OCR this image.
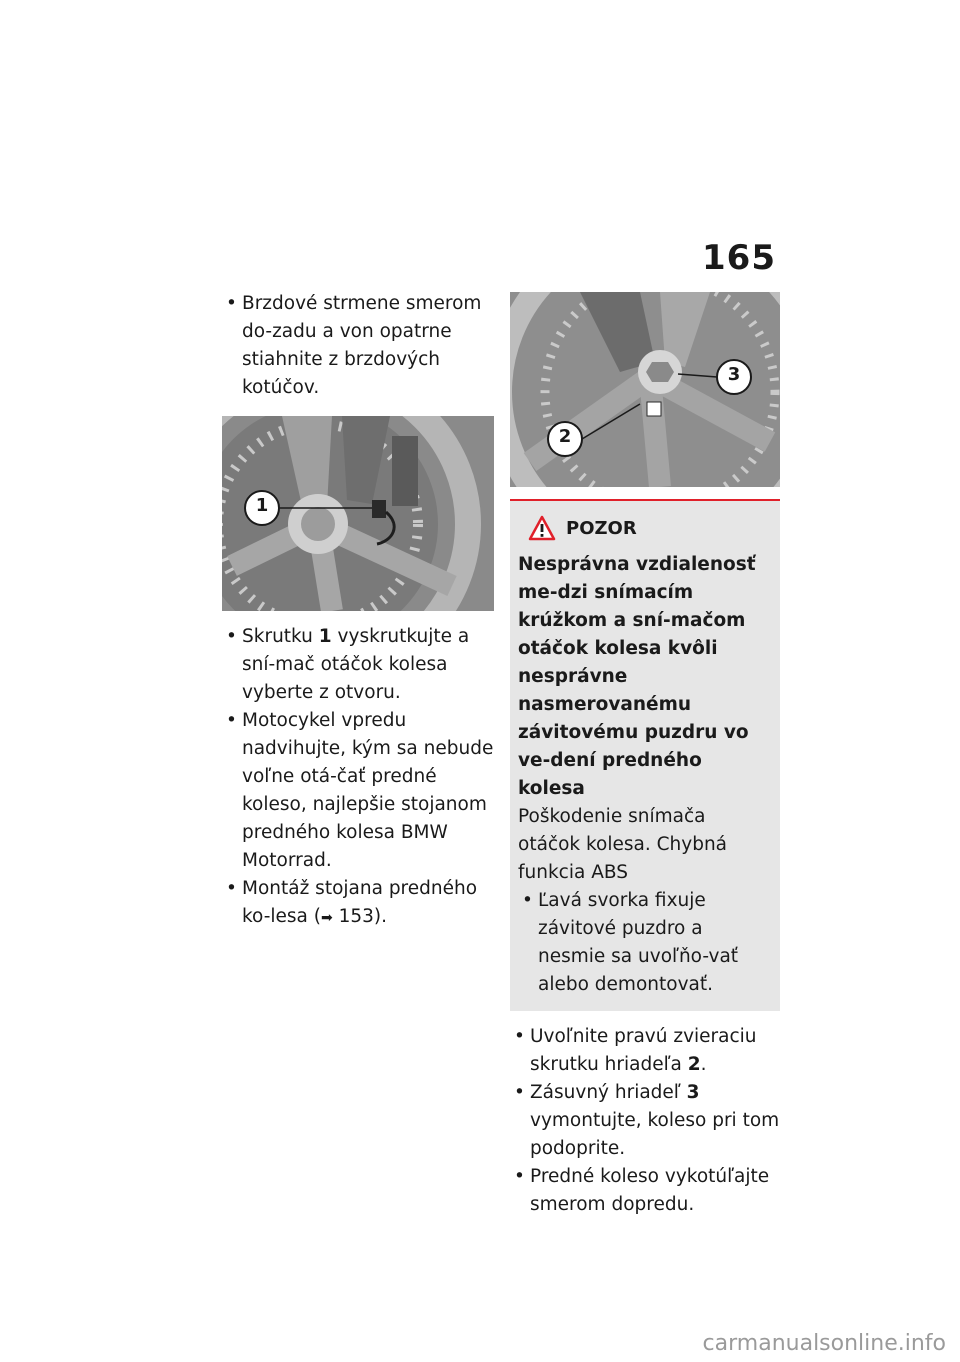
165

• Brzdové strmene smerom do-zadu a von opatrne stiahnite z brzdových kotúčov.

1

• Skrutku 1 vyskrutkujte a sní-mač otáčok kolesa vyberte z otvoru.

• Motocykel vpredu nadvihujte, kým sa nebude voľne otá-čať predné koleso, najlepšie stojanom predného kolesa BMW Motorrad.

• Montáž stojana predného ko-lesa (➡ 153).

3
2
POZOR

Nesprávna vzdialenosť me-dzi snímacím krúžkom a sní-mačom otáčok kolesa kvôli nesprávne nasmerovanému závitovému puzdru vo ve-dení predného kolesa

Poškodenie snímača otáčok kolesa. Chybná funkcia ABS

• Ľavá svorka fixuje závitové puzdro a nesmie sa uvoľňo-vať alebo demontovať.

• Uvoľnite pravú zvieraciu skrutku hriadeľa 2.

• Zásuvný hriadeľ 3 vymontujte, koleso pri tom podoprite.

• Predné koleso vykotúľajte smerom dopredu.

carmanualsonline.info
